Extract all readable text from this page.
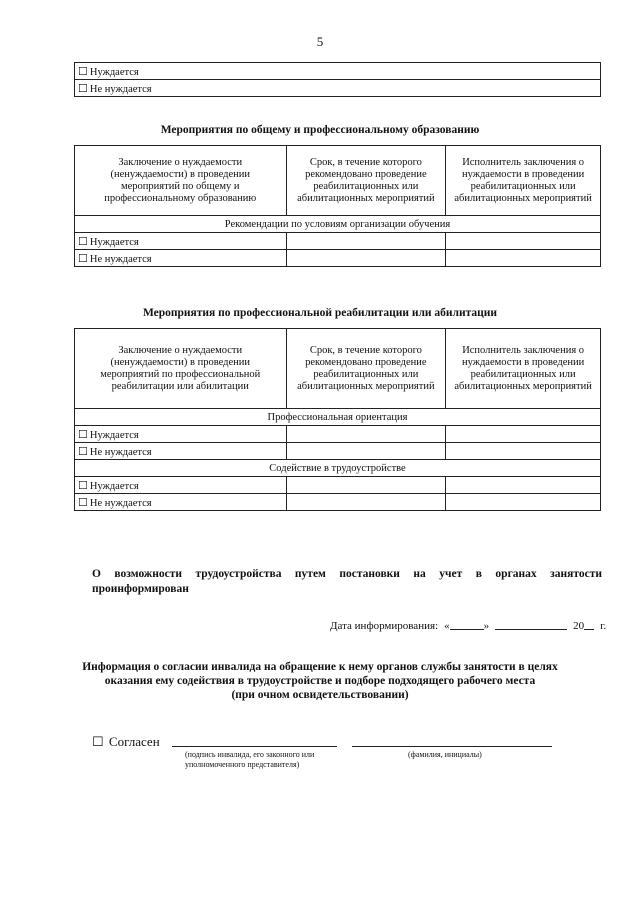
5
☐ Нуждается
☐ Не нуждается
Мероприятия по общему и профессиональному образованию
Заключение о нуждаемости (ненуждаемости) в проведении мероприятий по общему и профессиональному образованию	Срок, в течение которого рекомендовано проведение реабилитационных или абилитационных мероприятий	Исполнитель заключения о нуждаемости в проведении реабилитационных или абилитационных мероприятий
Рекомендации по условиям организации обучения		
☐ Нуждается		
☐ Не нуждается		
Мероприятия по профессиональной реабилитации или абилитации
Заключение о нуждаемости (ненуждаемости) в проведении мероприятий по профессиональной реабилитации или абилитации	Срок, в течение которого рекомендовано проведение реабилитационных или абилитационных мероприятий	Исполнитель заключения о нуждаемости в проведении реабилитационных или абилитационных мероприятий
Профессиональная ориентация		
☐ Нуждается		
☐ Не нуждается		
Содействие в трудоустройстве		
☐ Нуждается		
☐ Не нуждается		
О возможности трудоустройства путем постановки на учет в органах занятости
проинформирован
Дата информирования: «	»	20 г.
Информация о согласии инвалида на обращение к нему органов службы занятости в целях
оказания ему содействия в трудоустройстве и подборе подходящего рабочего места
(при очном освидетельствовании)
☐ Согласен
(подпись инвалида, его законного или
уполномоченного представителя)
(фамилия, инициалы)
